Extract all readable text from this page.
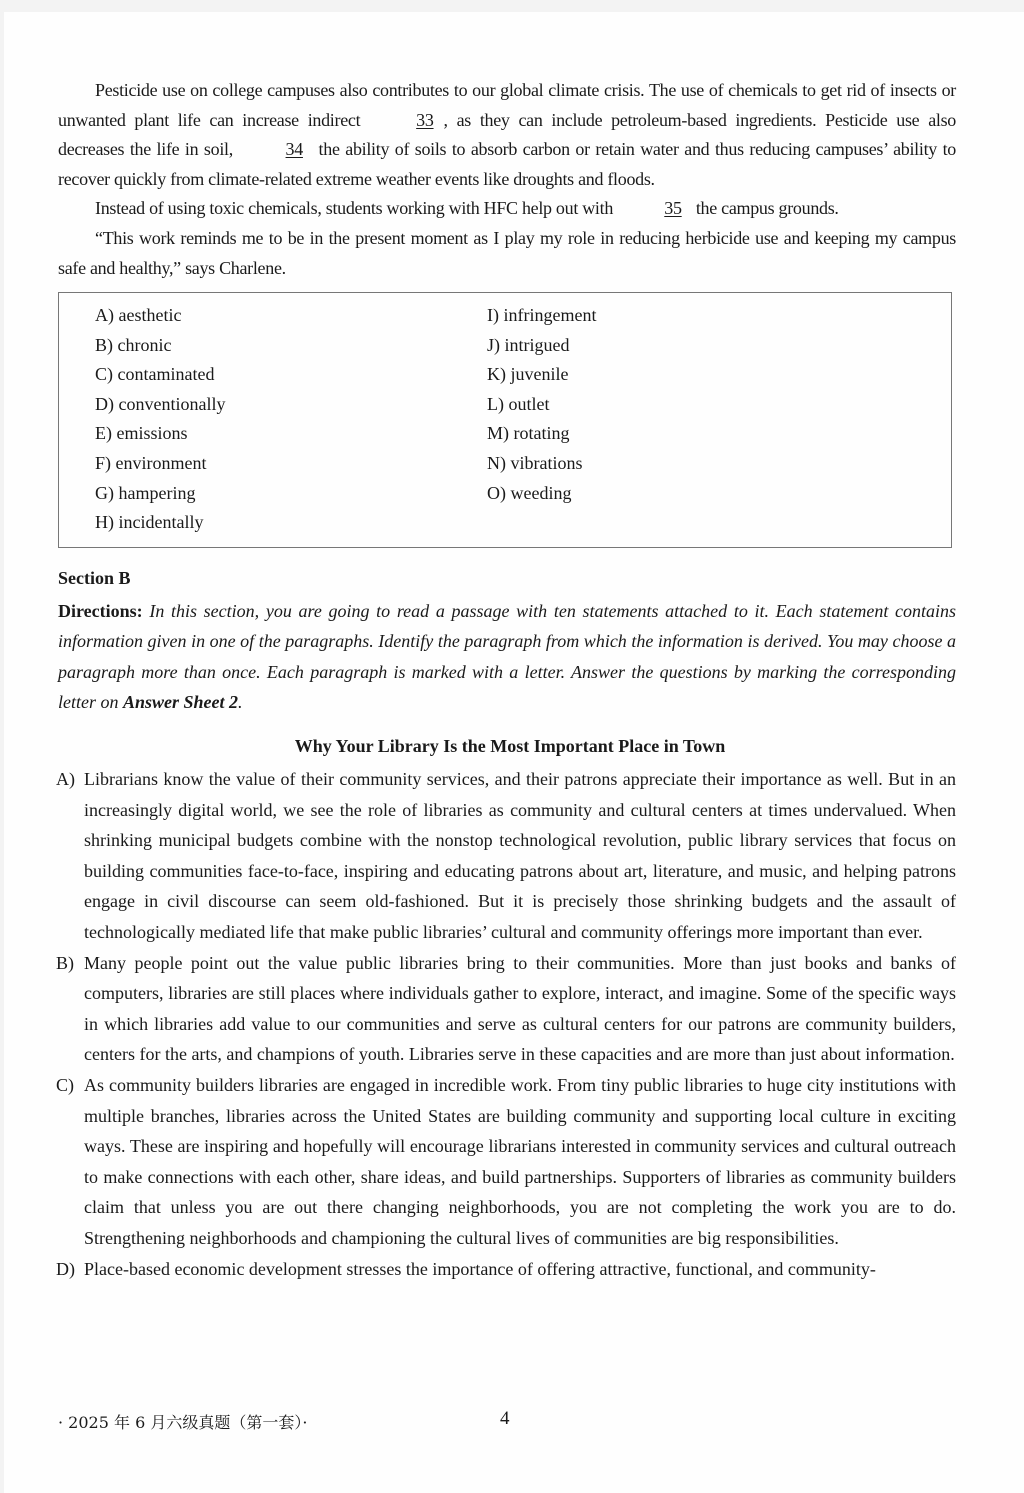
Pesticide use on college campuses also contributes to our global climate crisis. The use of chemicals to get rid of insects or unwanted plant life can increase indirect	33 , as they can include petroleum-based ingredients. Pesticide use also decreases the life in soil,	34 the ability of soils to absorb carbon or retain water and thus reducing campuses’ ability to recover quickly from climate-related extreme weather events like droughts and floods.

Instead of using toxic chemicals, students working with HFC help out with	35 the campus grounds.

“This work reminds me to be in the present moment as I play my role in reducing herbicide use and keeping my campus safe and healthy,” says Charlene.

A) aesthetic
B) chronic
C) contaminated
D) conventionally
E) emissions
F) environment
G) hampering
H) incidentally
I) infringement
J) intrigued
K) juvenile
L) outlet
M) rotating
N) vibrations
O) weeding
Section B

Directions: In this section, you are going to read a passage with ten statements attached to it. Each statement contains information given in one of the paragraphs. Identify the paragraph from which the information is derived. You may choose a paragraph more than once. Each paragraph is marked with a letter. Answer the questions by marking the corresponding letter on Answer Sheet 2.

Why Your Library Is the Most Important Place in Town
A) Librarians know the value of their community services, and their patrons appreciate their importance as well. But in an increasingly digital world, we see the role of libraries as community and cultural centers at times undervalued. When shrinking municipal budgets combine with the nonstop technological revolution, public library services that focus on building communities face-to-face, inspiring and educating patrons about art, literature, and music, and helping patrons engage in civil discourse can seem old-fashioned. But it is precisely those shrinking budgets and the assault of technologically mediated life that make public libraries’ cultural and community offerings more important than ever.
B) Many people point out the value public libraries bring to their communities. More than just books and banks of computers, libraries are still places where individuals gather to explore, interact, and imagine. Some of the specific ways in which libraries add value to our communities and serve as cultural centers for our patrons are community builders, centers for the arts, and champions of youth. Libraries serve in these capacities and are more than just about information.
C) As community builders libraries are engaged in incredible work. From tiny public libraries to huge city institutions with multiple branches, libraries across the United States are building community and supporting local culture in exciting ways. These are inspiring and hopefully will encourage librarians interested in community services and cultural outreach to make connections with each other, share ideas, and build partnerships. Supporters of libraries as community builders claim that unless you are out there changing neighborhoods, you are not completing the work you are to do. Strengthening neighborhoods and championing the cultural lives of communities are big responsibilities.
D) Place-based economic development stresses the importance of offering attractive, functional, and community-
· 2025 年 6 月六级真题（第一套）·	4
